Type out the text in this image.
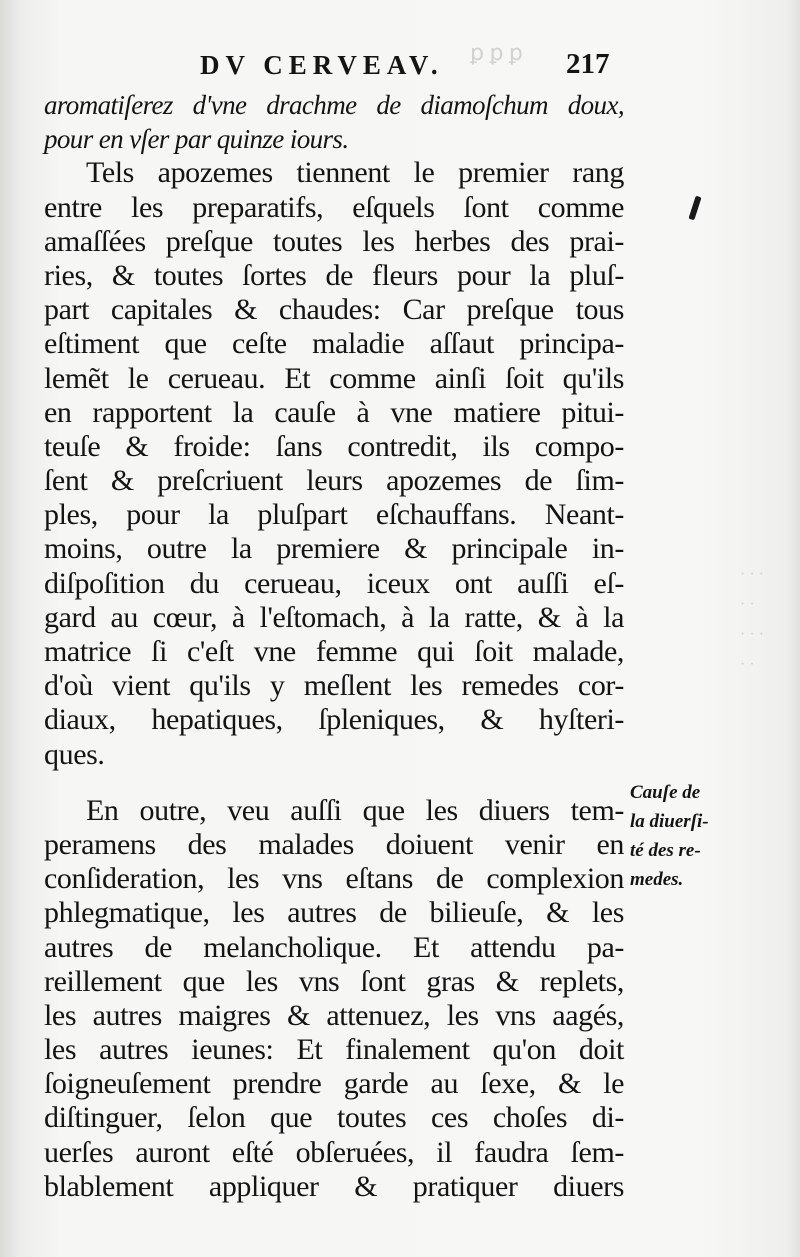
ꝑ ꝑ ꝑ
· · ·
· ·
· · ·
· ·
DV CERVEAV.	217
aromatiſerez d'vne drachme de diamoſchum doux,
pour en vſer par quinze iours.
Tels apozemes tiennent le premier rang
entre les preparatifs, eſquels ſont comme
amaſſées preſque toutes les herbes des prai-
ries, & toutes ſortes de fleurs pour la pluſ-
part capitales & chaudes: Car preſque tous
eſtiment que ceſte maladie aſſaut principa-
lemẽt le cerueau. Et comme ainſi ſoit qu'ils
en rapportent la cauſe à vne matiere pitui-
teuſe & froide: ſans contredit, ils compo-
ſent & preſcriuent leurs apozemes de ſim-
ples, pour la pluſpart eſchauffans. Neant-
moins, outre la premiere & principale in-
diſpoſition du cerueau, iceux ont auſſi eſ-
gard au cœur, à l'eſtomach, à la ratte, & à la
matrice ſi c'eſt vne femme qui ſoit malade,
d'où vient qu'ils y meſlent les remedes cor-
diaux, hepatiques, ſpleniques, & hyſteri-
ques.
En outre, veu auſſi que les diuers tem-
peramens des malades doiuent venir en
conſideration, les vns eſtans de complexion
phlegmatique, les autres de bilieuſe, & les
autres de melancholique. Et attendu pa-
reillement que les vns ſont gras & replets,
les autres maigres & attenuez, les vns aagés,
les autres ieunes: Et finalement qu'on doit
ſoigneuſement prendre garde au ſexe, & le
diſtinguer, ſelon que toutes ces choſes di-
uerſes auront eſté obſeruées, il faudra ſem-
blablement appliquer & pratiquer diuers
Cauſe de
la diuerſi-
té des re-
medes.
